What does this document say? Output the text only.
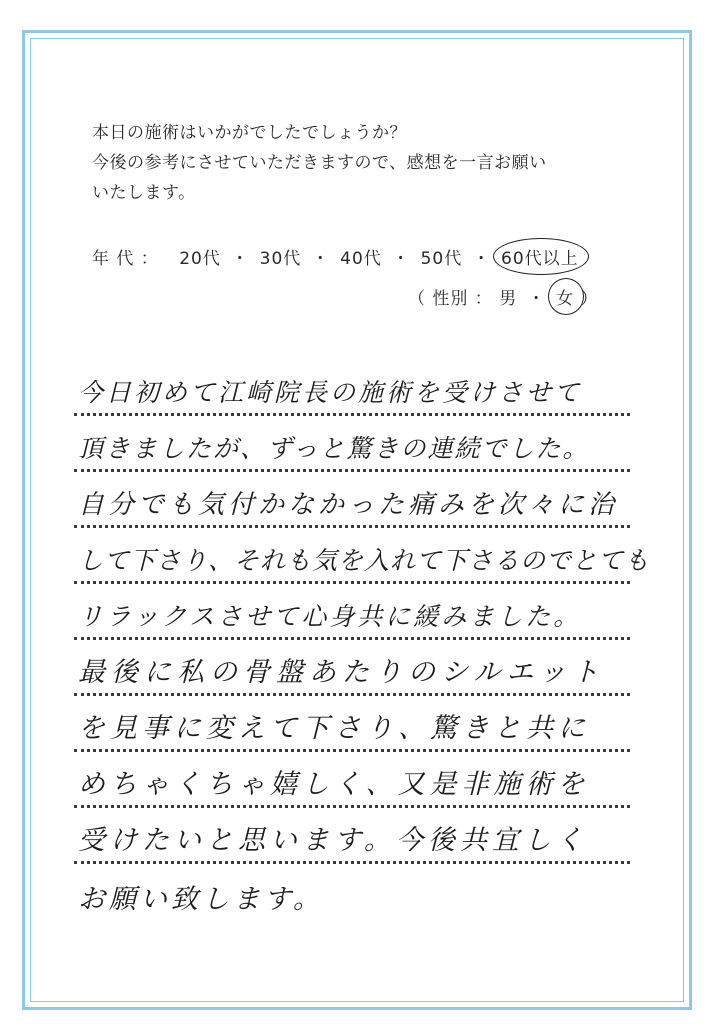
本日の施術はいかがでしたでしょうか？
今後の参考にさせていただきますので、感想を一言お願い
いたします。
年 代 ： 20代 ・ 30代 ・ 40代 ・ 50代 ・ 60代以上
（ 性別 ： 男 ・ 女 ）
今日初めて江崎院長の施術を受けさせて
頂きましたが、ずっと驚きの連続でした。
自分でも気付かなかった痛みを次々に治
して下さり、それも気を入れて下さるのでとても
リラックスさせて心身共に緩みました。
最後に私の骨盤あたりのシルエット
を見事に変えて下さり、驚きと共に
めちゃくちゃ嬉しく、又是非施術を
受けたいと思います。今後共宜しく
お願い致します。
